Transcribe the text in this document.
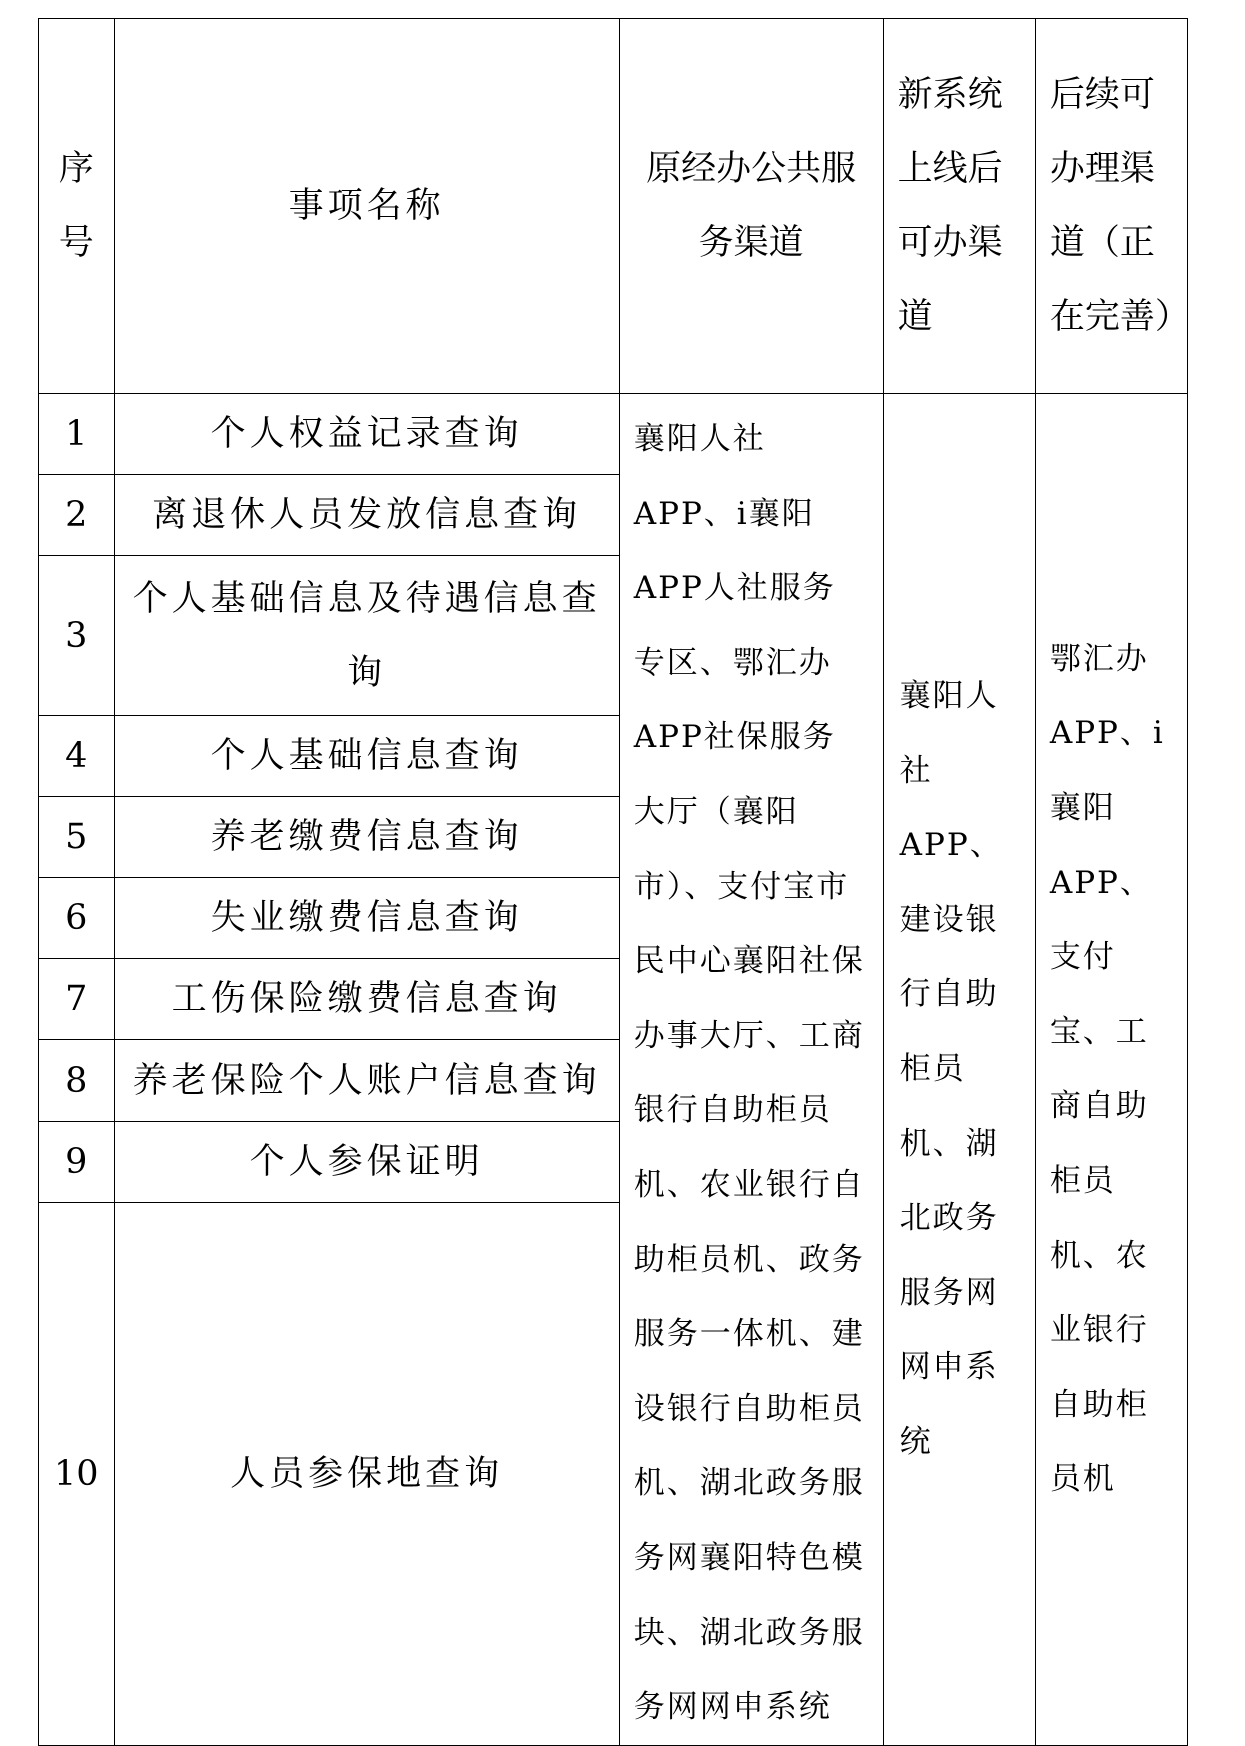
序号	事项名称	原经办公共服务渠道	新系统上线后可办渠道	后续可办理渠道（正在完善）
1	个人权益记录查询	襄阳人社APP、i襄阳APP人社服务专区、鄂汇办APP社保服务大厅（襄阳市）、支付宝市民中心襄阳社保办事大厅、工商银行自助柜员机、农业银行自助柜员机、政务服务一体机、建设银行自助柜员机、湖北政务服务网襄阳特色模块、湖北政务服务网网申系统	襄阳人社APP、建设银行自助柜员机、湖北政务服务网网申系统	鄂汇办APP、i襄阳APP、支付宝、工商自助柜员机、农业银行自助柜员机
2	离退休人员发放信息查询			
3	个人基础信息及待遇信息查询			
4	个人基础信息查询			
5	养老缴费信息查询			
6	失业缴费信息查询			
7	工伤保险缴费信息查询			
8	养老保险个人账户信息查询			
9	个人参保证明			
10	人员参保地查询			
